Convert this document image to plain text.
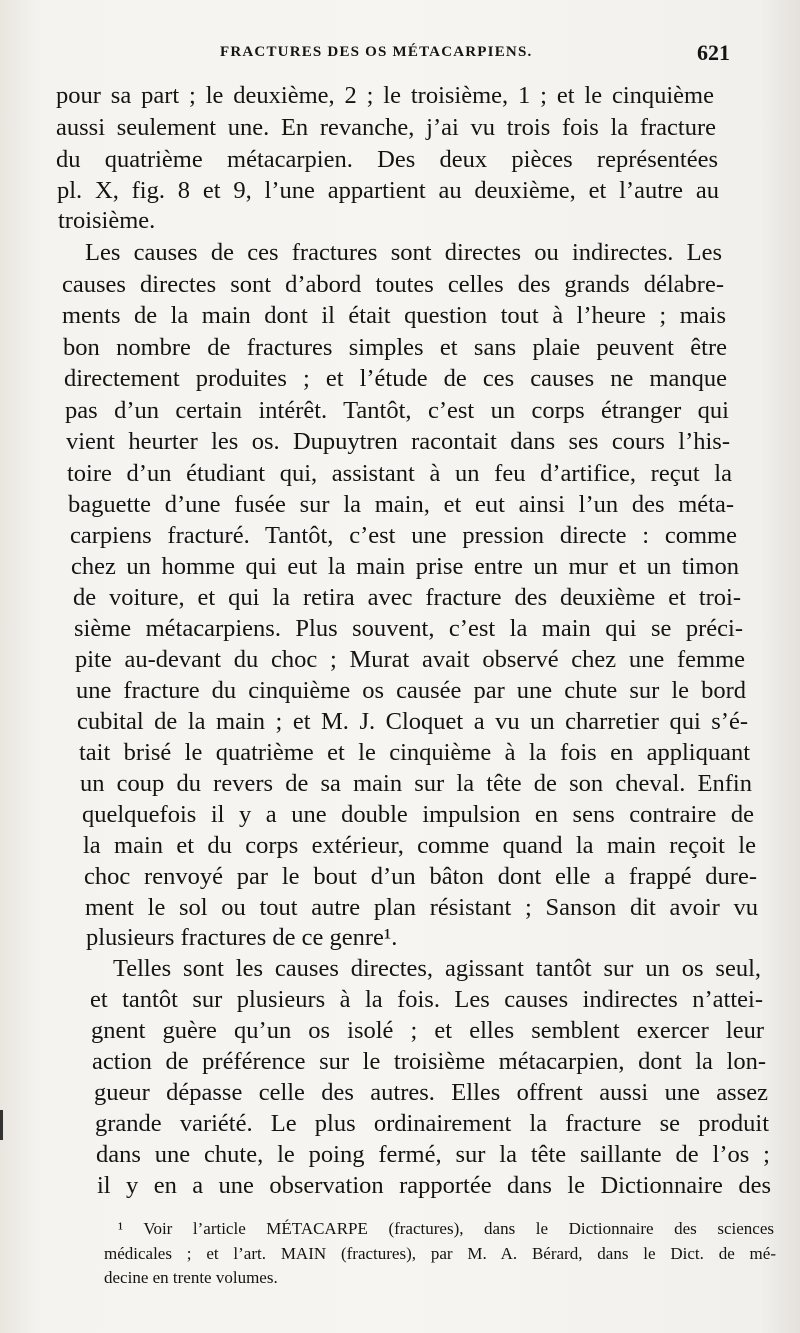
FRACTURES DES OS MÉTACARPIENS.	621
pour sa part ; le deuxième, 2 ; le troisième, 1 ; et le cinquième
aussi seulement une. En revanche, j’ai vu trois fois la fracture
du quatrième métacarpien. Des deux pièces représentées
pl. X, fig. 8 et 9, l’une appartient au deuxième, et l’autre au
troisième.
Les causes de ces fractures sont directes ou indirectes. Les
causes directes sont d’abord toutes celles des grands délabre-
ments de la main dont il était question tout à l’heure ; mais
bon nombre de fractures simples et sans plaie peuvent être
directement produites ; et l’étude de ces causes ne manque
pas d’un certain intérêt. Tantôt, c’est un corps étranger qui
vient heurter les os. Dupuytren racontait dans ses cours l’his-
toire d’un étudiant qui, assistant à un feu d’artifice, reçut la
baguette d’une fusée sur la main, et eut ainsi l’un des méta-
carpiens fracturé. Tantôt, c’est une pression directe : comme
chez un homme qui eut la main prise entre un mur et un timon
de voiture, et qui la retira avec fracture des deuxième et troi-
sième métacarpiens. Plus souvent, c’est la main qui se préci-
pite au-devant du choc ; Murat avait observé chez une femme
une fracture du cinquième os causée par une chute sur le bord
cubital de la main ; et M. J. Cloquet a vu un charretier qui s’é-
tait brisé le quatrième et le cinquième à la fois en appliquant
un coup du revers de sa main sur la tête de son cheval. Enfin
quelquefois il y a une double impulsion en sens contraire de
la main et du corps extérieur, comme quand la main reçoit le
choc renvoyé par le bout d’un bâton dont elle a frappé dure-
ment le sol ou tout autre plan résistant ; Sanson dit avoir vu
plusieurs fractures de ce genre¹.
Telles sont les causes directes, agissant tantôt sur un os seul,
et tantôt sur plusieurs à la fois. Les causes indirectes n’attei-
gnent guère qu’un os isolé ; et elles semblent exercer leur
action de préférence sur le troisième métacarpien, dont la lon-
gueur dépasse celle des autres. Elles offrent aussi une assez
grande variété. Le plus ordinairement la fracture se produit
dans une chute, le poing fermé, sur la tête saillante de l’os ;
il y en a une observation rapportée dans le Dictionnaire des
¹ Voir l’article MÉTACARPE (fractures), dans le Dictionnaire des sciences
médicales ; et l’art. MAIN (fractures), par M. A. Bérard, dans le Dict. de mé-
decine en trente volumes.
